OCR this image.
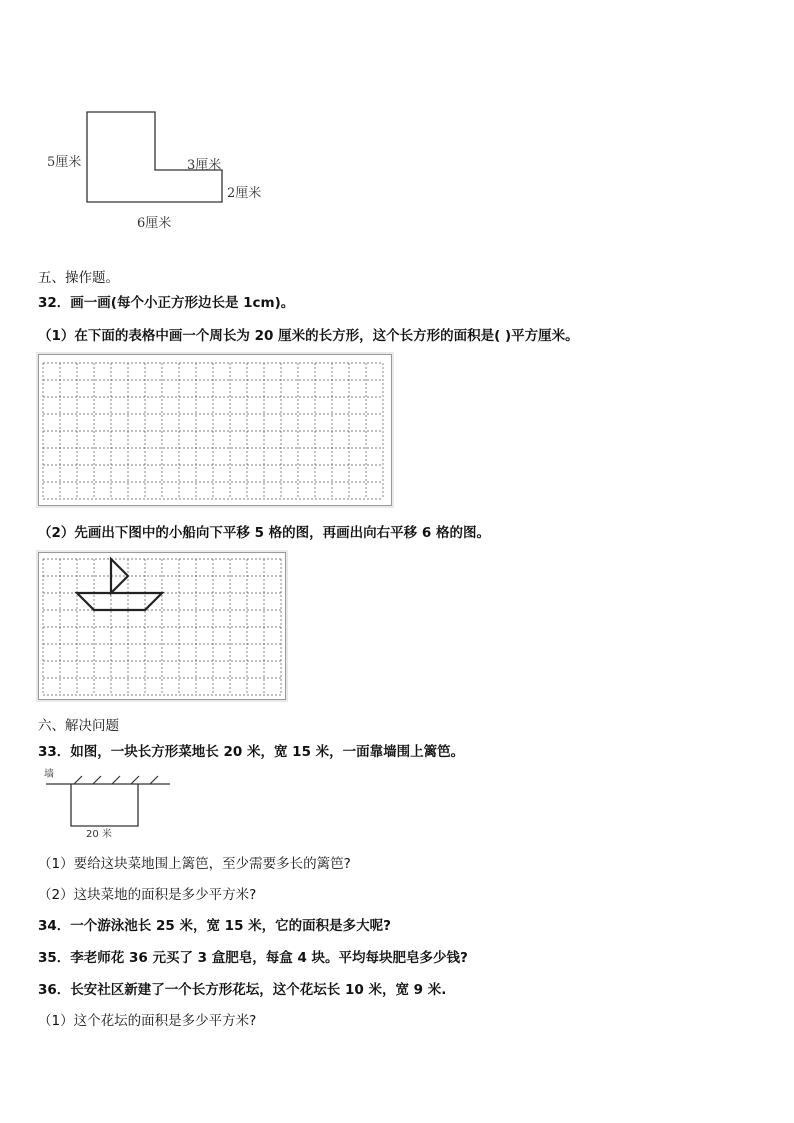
5厘米	3厘米
2厘米
6厘米
五、操作题。
32．画一画(每个小正方形边长是 1cm)。
（1）在下面的表格中画一个周长为 20 厘米的长方形，这个长方形的面积是( )平方厘米。
（2）先画出下图中的小船向下平移 5 格的图，再画出向右平移 6 格的图。
六、解决问题
33．如图，一块长方形菜地长 20 米，宽 15 米，一面靠墙围上篱笆。
墙
20 米
（1）要给这块菜地围上篱笆，至少需要多长的篱笆?
（2）这块菜地的面积是多少平方米?
34．一个游泳池长 25 米，宽 15 米，它的面积是多大呢?
35．李老师花 36 元买了 3 盒肥皂，每盒 4 块。平均每块肥皂多少钱?
36．长安社区新建了一个长方形花坛，这个花坛长 10 米，宽 9 米.
（1）这个花坛的面积是多少平方米?
